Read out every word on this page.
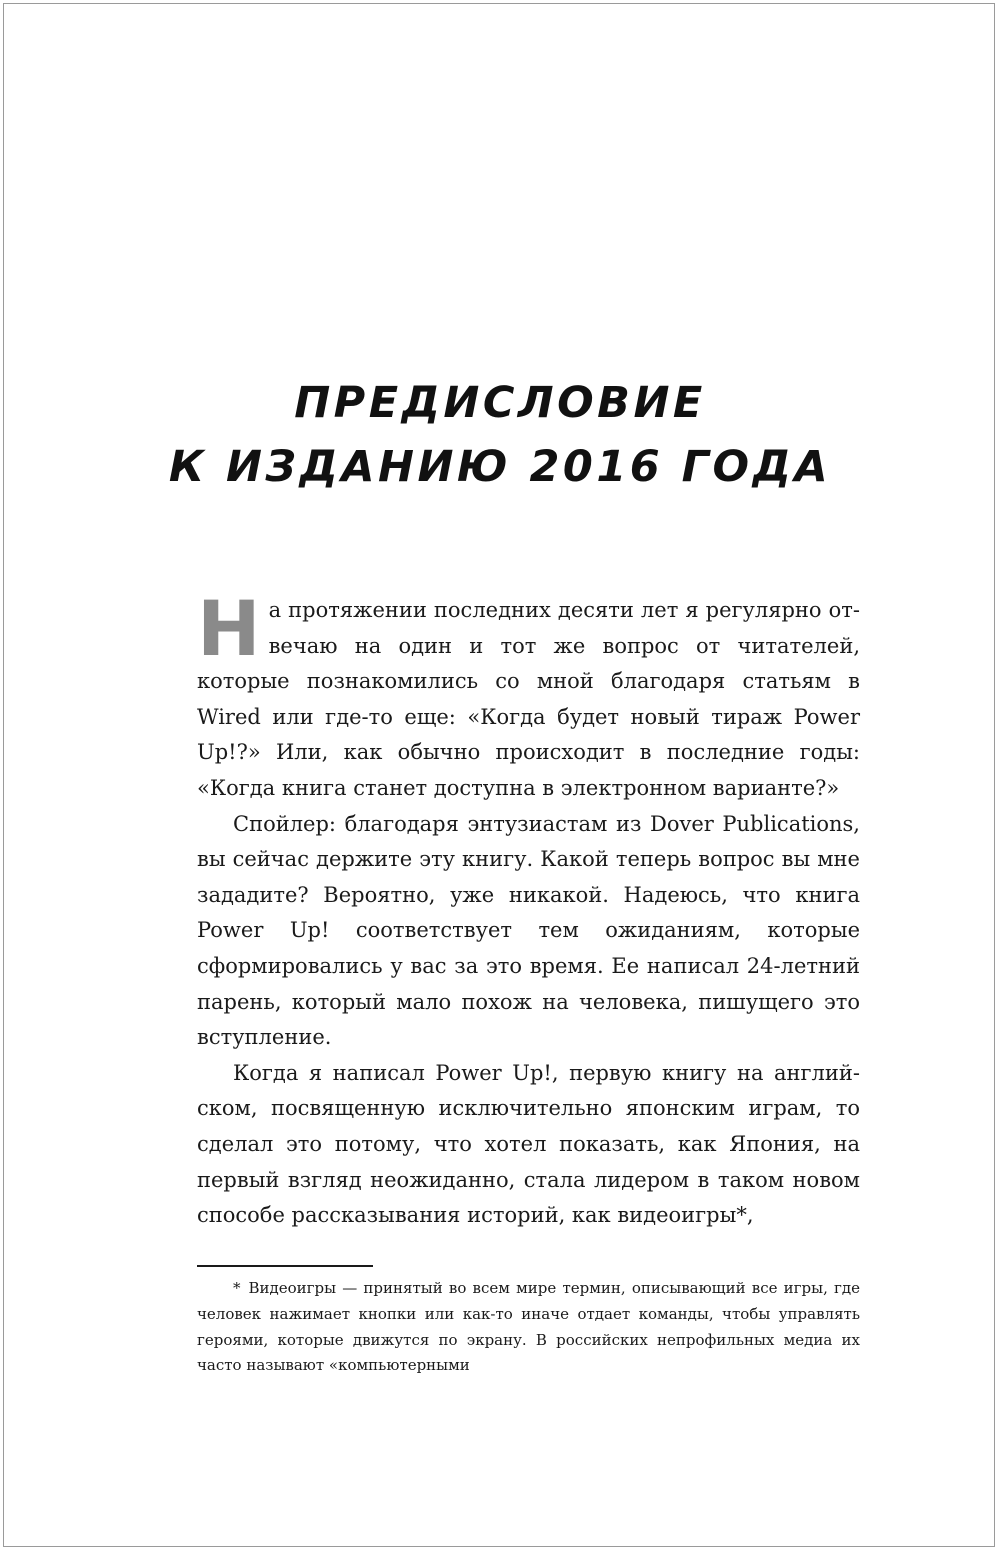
ПРЕДИСЛОВИЕ
К ИЗДАНИЮ 2016 ГОДА

На протяжении последних десяти лет я регулярно отвечаю на один и тот же вопрос от читателей, которые познакомились со мной благодаря статьям в Wired или где-то еще: «Когда будет новый тираж Power Up!?» Или, как обычно происходит в последние годы: «Когда книга станет доступна в электронном варианте?»

Спойлер: благодаря энтузиастам из Dover Publications, вы сейчас держите эту книгу. Какой теперь вопрос вы мне зададите? Вероятно, уже никакой. Надеюсь, что книга Power Up! соответствует тем ожиданиям, которые сформировались у вас за это время. Ее написал 24-летний парень, который мало похож на человека, пишущего это вступление.

Когда я написал Power Up!, первую книгу на английском, посвященную исключительно японским играм, то сделал это потому, что хотел показать, как Япония, на первый взгляд неожиданно, стала лидером в таком новом способе рассказывания историй, как видеоигры*,

* Видеоигры — принятый во всем мире термин, описывающий все игры, где человек нажимает кнопки или как-то иначе отдает команды, чтобы управлять героями, которые движутся по экрану. В российских непрофильных медиа их часто называют «компьютерными
